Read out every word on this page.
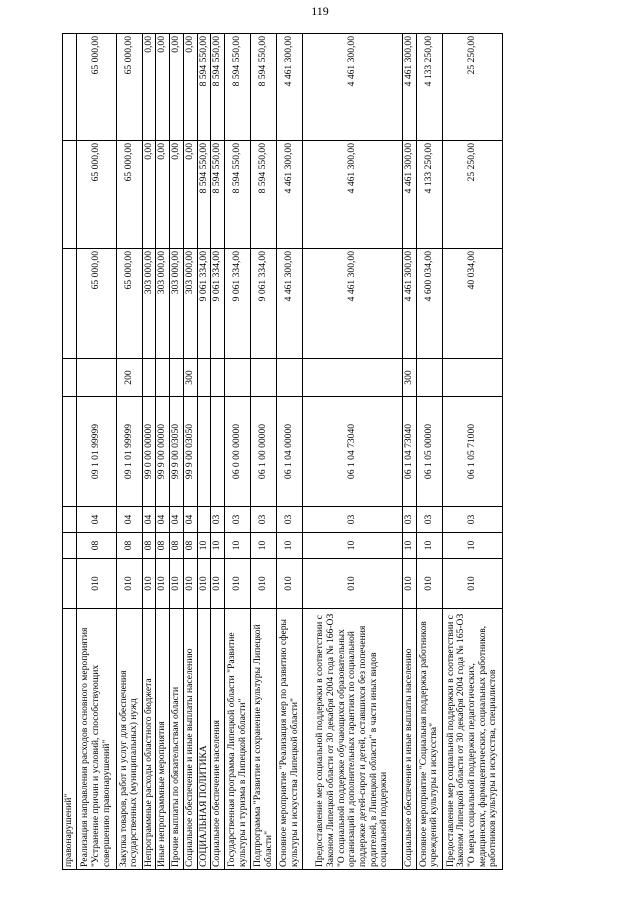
119
правонарушений"								
Реализация направления расходов основного мероприятия "Устранение причин и условий, способствующих совершению правонарушений"	010	08	04	09 1 01 99999		65 000,00	65 000,00	65 000,00
Закупка товаров, работ и услуг для обеспечения государственных (муниципальных) нужд	010	08	04	09 1 01 99999	200	65 000,00	65 000,00	65 000,00
Непрограммные расходы областного бюджета	010	08	04	99 0 00 00000		303 000,00	0,00	0,00
Иные непрограммные мероприятия	010	08	04	99 9 00 00000		303 000,00	0,00	0,00
Прочие выплаты по обязательствам области	010	08	04	99 9 00 03050		303 000,00	0,00	0,00
Социальное обеспечение и иные выплаты населению	010	08	04	99 9 00 03050	300	303 000,00	0,00	0,00
СОЦИАЛЬНАЯ ПОЛИТИКА	010	10				9 061 334,00	8 594 550,00	8 594 550,00
Социальное обеспечение населения	010	10	03			9 061 334,00	8 594 550,00	8 594 550,00
Государственная программа Липецкой области "Развитие культуры и туризма в Липецкой области"	010	10	03	06 0 00 00000		9 061 334,00	8 594 550,00	8 594 550,00
Подпрограмма "Развитие и сохранение культуры Липецкой области"	010	10	03	06 1 00 00000		9 061 334,00	8 594 550,00	8 594 550,00
Основное мероприятие "Реализация мер по развитию сферы культуры и искусства Липецкой области"	010	10	03	06 1 04 00000		4 461 300,00	4 461 300,00	4 461 300,00
Предоставление мер социальной поддержки в соответствии с Законом Липецкой области от 30 декабря 2004 года № 166-ОЗ "О социальной поддержке обучающихся образовательных организаций и дополнительных гарантиях по социальной поддержке детей-сирот и детей, оставшихся без попечения родителей, в Липецкой области" в части иных видов социальной поддержки	010	10	03	06 1 04 73040		4 461 300,00	4 461 300,00	4 461 300,00
Социальное обеспечение и иные выплаты населению	010	10	03	06 1 04 73040	300	4 461 300,00	4 461 300,00	4 461 300,00
Основное мероприятие "Социальная поддержка работников учреждений культуры и искусства"	010	10	03	06 1 05 00000		4 600 034,00	4 133 250,00	4 133 250,00
Предоставление мер социальной поддержки в соответствии с Законом Липецкой области от 30 декабря 2004 года № 165-ОЗ "О мерах социальной поддержки педагогических, медицинских, фармацевтических, социальных работников, работников культуры и искусства, специалистов	010	10	03	06 1 05 71000		40 034,00	25 250,00	25 250,00
